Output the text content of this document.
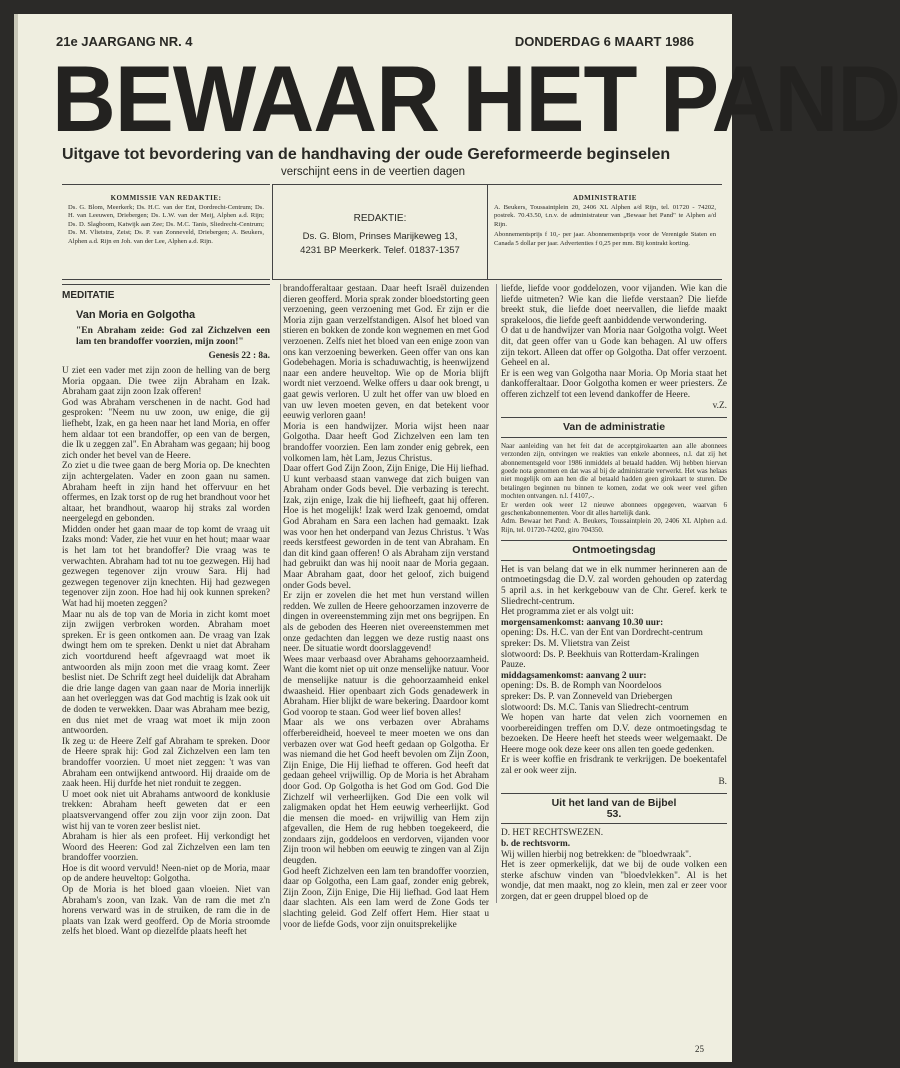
21e JAARGANG NR. 4	DONDERDAG 6 MAART 1986
BEWAAR HET PAND
Uitgave tot bevordering van de handhaving der oude Gereformeerde beginselen
verschijnt eens in de veertien dagen
KOMMISSIE VAN REDAKTIE:
Ds. G. Blom, Meerkerk; Ds. H.C. van der Ent, Dordrecht-Centrum; Ds. H. van Leeuwen, Driebergen; Ds. L.W. van der Meij, Alphen a.d. Rijn; Ds. D. Slagboom, Katwijk aan Zee; Ds. M.C. Tanis, Sliedrecht-Centrum; Ds. M. Vlietstra, Zeist; Ds. P. van Zonneveld, Driebergen; A. Beukers, Alphen a.d. Rijn en Joh. van der Lee, Alphen a.d. Rijn.
REDAKTIE:
Ds. G. Blom, Prinses Marijkeweg 13,
4231 BP Meerkerk. Telef. 01837-1357
ADMINISTRATIE
A. Beukers, Toussaintplein 20, 2406 XL Alphen a/d Rijn, tel. 01720 - 74202, postrek. 70.43.50, t.n.v. de administrateur van „Bewaar het Pand" te Alphen a/d Rijn.
Abonnementsprijs f 10,- per jaar. Abonnementsprijs voor de Verenigde Staten en Canada 5 dollar per jaar. Advertenties f 0,25 per mm. Bij kontrakt korting.
MEDITATIE
Van Moria en Golgotha
"En Abraham zeide: God zal Zichzelven een lam ten brandoffer voorzien, mijn zoon!"
Genesis 22 : 8a.

U ziet een vader met zijn zoon de helling van de berg Moria opgaan. Die twee zijn Abraham en Izak. Abraham gaat zijn zoon Izak offeren!

God was Abraham verschenen in de nacht. God had gesproken: "Neem nu uw zoon, uw enige, die gij liefhebt, Izak, en ga heen naar het land Moria, en offer hem aldaar tot een brandoffer, op een van de bergen, die Ik u zeggen zal". En Abraham was gegaan; hij boog zich onder het bevel van de Heere.

Zo ziet u die twee gaan de berg Moria op. De knechten zijn achtergelaten. Vader en zoon gaan nu samen. Abraham heeft in zijn hand het offervuur en het offermes, en Izak torst op de rug het brandhout voor het altaar, het brandhout, waarop hij straks zal worden neergelegd en gebonden.

Midden onder het gaan maar de top komt de vraag uit Izaks mond: Vader, zie het vuur en het hout; maar waar is het lam tot het brandoffer? Die vraag was te verwachten. Abraham had tot nu toe gezwegen. Hij had gezwegen tegenover zijn vrouw Sara. Hij had gezwegen tegenover zijn knechten. Hij had gezwegen tegenover zijn zoon. Hoe had hij ook kunnen spreken? Wat had hij moeten zeggen?

Maar nu als de top van de Moria in zicht komt moet zijn zwijgen verbroken worden. Abraham moet spreken. Er is geen ontkomen aan. De vraag van Izak dwingt hem om te spreken. Denkt u niet dat Abraham zich voortdurend heeft afgevraagd wat moet ik antwoorden als mijn zoon met die vraag komt. Zeer beslist niet. De Schrift zegt heel duidelijk dat Abraham die drie lange dagen van gaan naar de Moria innerlijk aan het overleggen was dat God machtig is Izak ook uit de doden te verwekken. Daar was Abraham mee bezig, en dus niet met de vraag wat moet ik mijn zoon antwoorden.

Ik zeg u: de Heere Zelf gaf Abraham te spreken. Door de Heere sprak hij: God zal Zichzelven een lam ten brandoffer voorzien. U moet niet zeggen: 't was van Abraham een ontwijkend antwoord. Hij draaide om de zaak heen. Hij durfde het niet ronduit te zeggen.

U moet ook niet uit Abrahams antwoord de konklusie trekken: Abraham heeft geweten dat er een plaatsvervangend offer zou zijn voor zijn zoon. Dat wist hij van te voren zeer beslist niet.

Abraham is hier als een profeet. Hij verkondigt het Woord des Heeren: God zal Zichzelven een lam ten brandoffer voorzien.

Hoe is dit woord vervuld! Neen-niet op de Moria, maar op de andere heuveltop: Golgotha.

Op de Moria is het bloed gaan vloeien. Niet van Abraham's zoon, van Izak. Van de ram die met z'n horens verward was in de struiken, de ram die in de plaats van Izak werd geofferd. Op de Moria stroomde zelfs het bloed. Want op diezelfde plaats heeft het

brandofferaltaar gestaan. Daar heeft Israël duizenden dieren geofferd. Moria sprak zonder bloedstorting geen verzoening, geen verzoening met God. Er zijn er die Moria zijn gaan verzelfstandigen. Alsof het bloed van stieren en bokken de zonde kon wegnemen en met God verzoenen. Zelfs niet het bloed van een enige zoon van ons kan verzoening bewerken. Geen offer van ons kan Godebehagen. Moria is schaduwachtig, is heenwijzend naar een andere heuveltop. Wie op de Moria blijft wordt niet verzoend. Welke offers u daar ook brengt, u gaat gewis verloren. U zult het offer van uw bloed en van uw leven moeten geven, en dat betekent voor eeuwig verloren gaan!

Moria is een handwijzer. Moria wijst heen naar Golgotha. Daar heeft God Zichzelven een lam ten brandoffer voorzien. Een lam zonder enig gebrek, een volkomen lam, hèt Lam, Jezus Christus.

Daar offert God Zijn Zoon, Zijn Enige, Die Hij liefhad.

U kunt verbaasd staan vanwege dat zich buigen van Abraham onder Gods bevel. Die verbazing is terecht. Izak, zijn enige, Izak die hij liefheeft, gaat hij offeren. Hoe is het mogelijk! Izak werd Izak genoemd, omdat God Abraham en Sara een lachen had gemaakt. Izak was voor hen het onderpand van Jezus Christus. 't Was reeds kerstfeest geworden in de tent van Abraham. En dan dit kind gaan offeren! O als Abraham zijn verstand had gebruikt dan was hij nooit naar de Moria gegaan. Maar Abraham gaat, door het geloof, zich buigend onder Gods bevel.

Er zijn er zovelen die het met hun verstand willen redden. We zullen de Heere gehoorzamen inzoverre de dingen in overeenstemming zijn met ons begrijpen. En als de geboden des Heeren niet overeenstemmen met onze gedachten dan leggen we deze rustig naast ons neer. De situatie wordt doorslaggevend!

Wees maar verbaasd over Abrahams gehoorzaamheid. Want die komt niet op uit onze menselijke natuur. Voor de menselijke natuur is die gehoorzaamheid enkel dwaasheid. Hier openbaart zich Gods genadewerk in Abraham. Hier blijkt de ware bekering. Daardoor komt God voorop te staan. God weer lief boven alles!

Maar als we ons verbazen over Abrahams offerbereidheid, hoeveel te meer moeten we ons dan verbazen over wat God heeft gedaan op Golgotha. Er was niemand die het God heeft bevolen om Zijn Zoon, Zijn Enige, Die Hij liefhad te offeren. God heeft dat gedaan geheel vrijwillig. Op de Moria is het Abraham door God. Op Golgotha is het God om God. God Die Zichzelf wil verheerlijken. God Die een volk wil zaligmaken opdat het Hem eeuwig verheerlijkt. God die mensen die moed- en vrijwillig van Hem zijn afgevallen, die Hem de rug hebben toegekeerd, die zondaars zijn, goddeloos en verdorven, vijanden voor Zijn troon wil hebben om eeuwig te zingen van al Zijn deugden.

God heeft Zichzelven een lam ten brandoffer voorzien, daar op Golgotha, een Lam gaaf, zonder enig gebrek, Zijn Zoon, Zijn Enige, Die Hij liefhad. God laat Hem daar slachten. Als een lam werd de Zone Gods ter slachting geleid. God Zelf offert Hem. Hier staat u voor de liefde Gods, voor zijn onuitsprekelijke

liefde, liefde voor goddelozen, voor vijanden. Wie kan die liefde uitmeten? Wie kan die liefde verstaan? Die liefde breekt stuk, die liefde doet neervallen, die liefde maakt sprakeloos, die liefde geeft aanbiddende verwondering.

O dat u de handwijzer van Moria naar Golgotha volgt. Weet dit, dat geen offer van u Gode kan behagen. Al uw offers zijn tekort. Alleen dat offer op Golgotha. Dat offer verzoent. Geheel en al.

Er is een weg van Golgotha naar Moria. Op Moria staat het dankofferaltaar. Door Golgotha komen er weer priesters. Ze offeren zichzelf tot een levend dankoffer de Heere.

v.Z.

Van de administratie

Naar aanleiding van het feit dat de acceptgirokaarten aan alle abonnees verzonden zijn, ontvingen we reakties van enkele abonnees, n.l. dat zij het abonnementsgeld voor 1986 inmiddels al betaald hadden. Wij hebben hiervan goede nota genomen en dat was al bij de administratie verwerkt. Het was helaas niet mogelijk om aan hen die al betaald hadden geen girokaart te sturen. De betalingen beginnen nu binnen te komen, zodat we ook weer veel giften mochten ontvangen. n.l. f 4107,-.

Er werden ook weer 12 nieuwe abonnees opgegeven, waarvan 6 geschenkabonnementen. Voor dit alles hartelijk dank.

Adm. Bewaar het Pand: A. Beukers, Toussaintplein 20, 2406 XL Alphen a.d. Rijn, tel. 01720-74202, giro 704350.

Ontmoetingsdag

Het is van belang dat we in elk nummer herinneren aan de ontmoetingsdag die D.V. zal worden gehouden op zaterdag 5 april a.s. in het kerkgebouw van de Chr. Geref. kerk te Sliedrecht-centrum.

Het programma ziet er als volgt uit:

morgensamenkomst: aanvang 10.30 uur:

opening: Ds. H.C. van der Ent van Dordrecht-centrum

spreker: Ds. M. Vlietstra van Zeist

slotwoord: Ds. P. Beekhuis van Rotterdam-Kralingen

Pauze.

middagsamenkomst: aanvang 2 uur:

opening: Ds. B. de Romph van Noordeloos

spreker: Ds. P. van Zonneveld van Driebergen

slotwoord: Ds. M.C. Tanis van Sliedrecht-centrum

We hopen van harte dat velen zich voornemen en voorbereidingen treffen om D.V. deze ontmoetingsdag te bezoeken. De Heere heeft het steeds weer welgemaakt. De Heere moge ook deze keer ons allen ten goede gedenken.

Er is weer koffie en frisdrank te verkrijgen. De boekentafel zal er ook weer zijn.

B.

Uit het land van de Bijbel
53.

D. HET RECHTSWEZEN.

b. de rechtsvorm.

Wij willen hierbij nog betrekken: de "bloedwraak".

Het is zeer opmerkelijk, dat we bij de oude volken een sterke afschuw vinden van "bloedvlekken". Al is het wondje, dat men maakt, nog zo klein, men zal er zeer voor zorgen, dat er geen druppel bloed op de

25
